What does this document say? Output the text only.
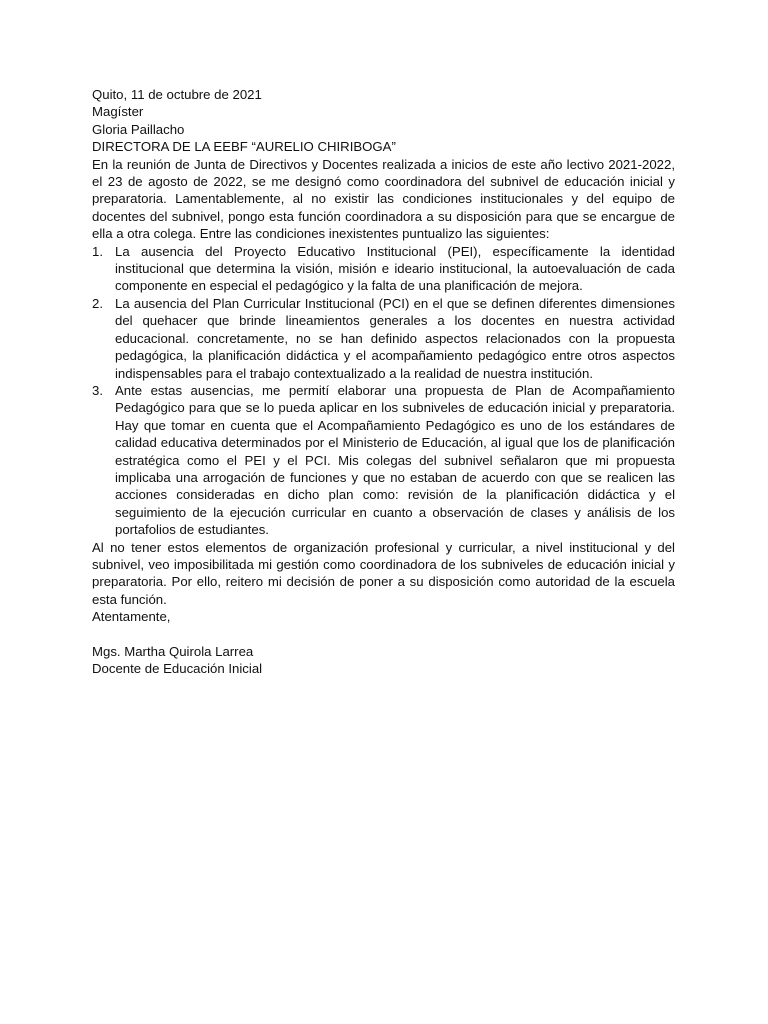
Quito, 11 de octubre de 2021
Magíster
Gloria Paillacho
DIRECTORA DE LA EEBF “AURELIO CHIRIBOGA”

En la reunión de Junta de Directivos y Docentes realizada a inicios de este año lectivo 2021-2022, el 23 de agosto de 2022, se me designó como coordinadora del subnivel de educación inicial y preparatoria. Lamentablemente, al no existir las condiciones institucionales y del equipo de docentes del subnivel, pongo esta función coordinadora a su disposición para que se encargue de ella a otra colega. Entre las condiciones inexistentes puntualizo las siguientes:

1. La ausencia del Proyecto Educativo Institucional (PEI), específicamente la identidad institucional que determina la visión, misión e ideario institucional, la autoevaluación de cada componente en especial el pedagógico y la falta de una planificación de mejora.
2. La ausencia del Plan Curricular Institucional (PCI) en el que se definen diferentes dimensiones del quehacer que brinde lineamientos generales a los docentes en nuestra actividad educacional. concretamente, no se han definido aspectos relacionados con la propuesta pedagógica, la planificación didáctica y el acompañamiento pedagógico entre otros aspectos indispensables para el trabajo contextualizado a la realidad de nuestra institución.
3. Ante estas ausencias, me permití elaborar una propuesta de Plan de Acompañamiento Pedagógico para que se lo pueda aplicar en los subniveles de educación inicial y preparatoria. Hay que tomar en cuenta que el Acompañamiento Pedagógico es uno de los estándares de calidad educativa determinados por el Ministerio de Educación, al igual que los de planificación estratégica como el PEI y el PCI. Mis colegas del subnivel señalaron que mi propuesta implicaba una arrogación de funciones y que no estaban de acuerdo con que se realicen las acciones consideradas en dicho plan como: revisión de la planificación didáctica y el seguimiento de la ejecución curricular en cuanto a observación de clases y análisis de los portafolios de estudiantes.

Al no tener estos elementos de organización profesional y curricular, a nivel institucional y del subnivel, veo imposibilitada mi gestión como coordinadora de los subniveles de educación inicial y preparatoria. Por ello, reitero mi decisión de poner a su disposición como autoridad de la escuela esta función.

Atentamente,
Mgs. Martha Quirola Larrea
Docente de Educación Inicial
